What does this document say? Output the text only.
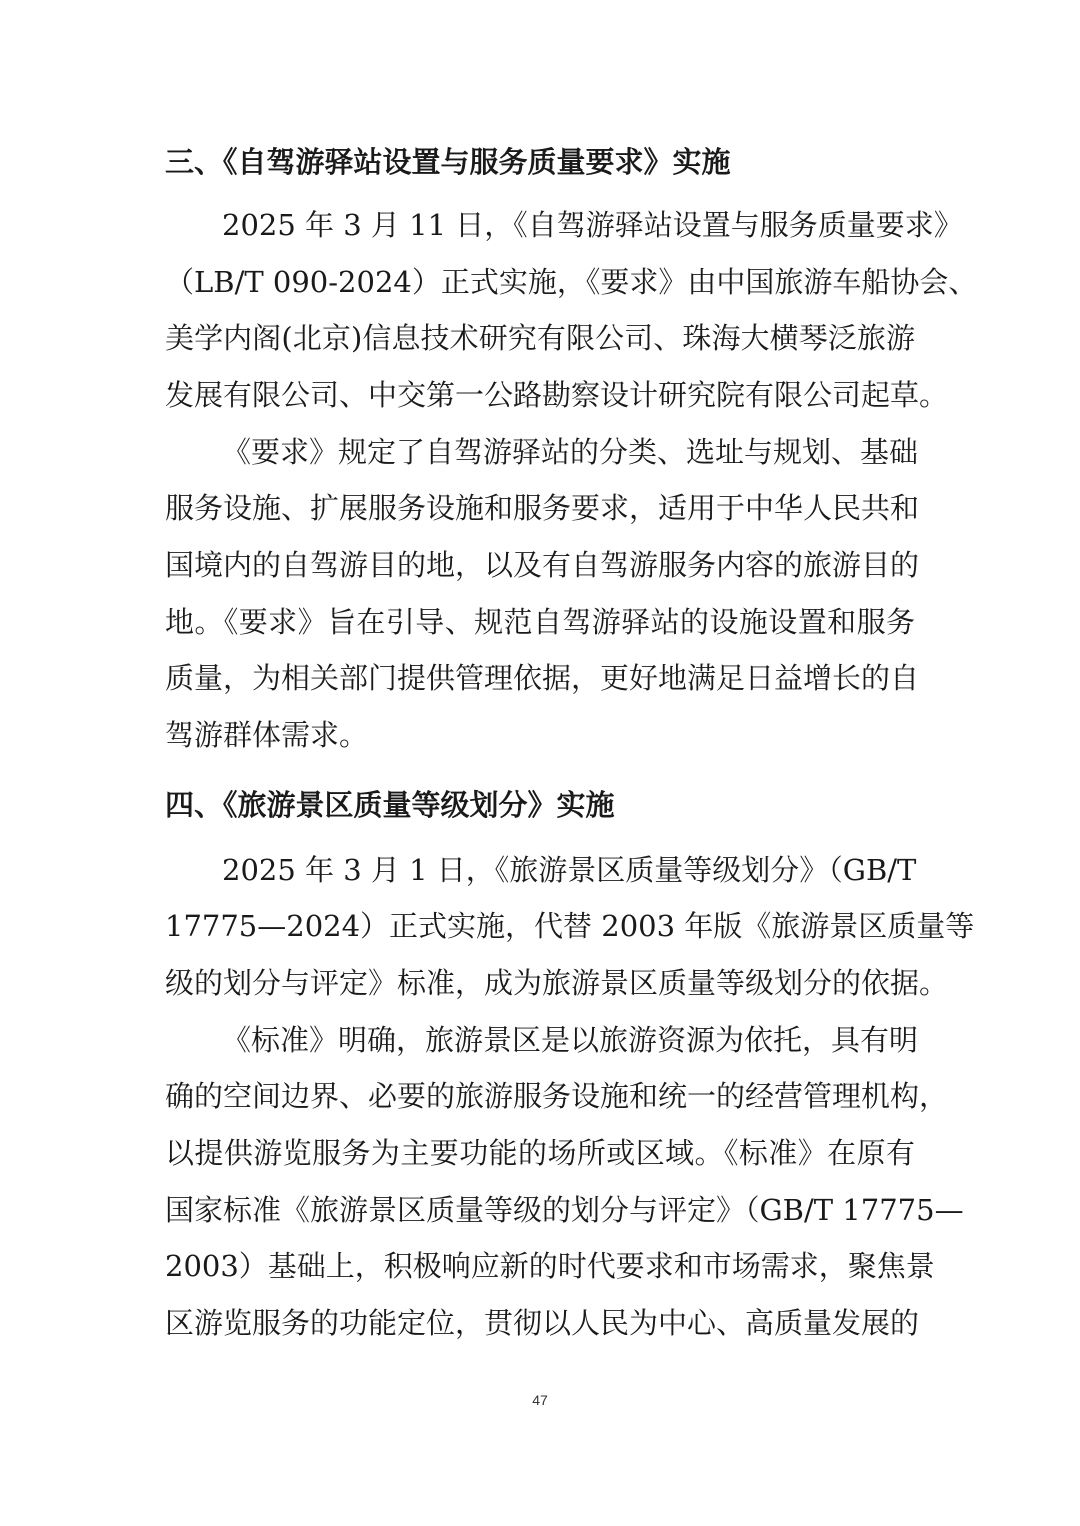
三、《自驾游驿站设置与服务质量要求》实施
2025 年 3 月 11 日，《自驾游驿站设置与服务质量要求》
（LB/T 090-2024）正式实施，《要求》由中国旅游车船协会、
美学内阁(北京)信息技术研究有限公司、珠海大横琴泛旅游
发展有限公司、中交第一公路勘察设计研究院有限公司起草。
《要求》规定了自驾游驿站的分类、选址与规划、基础
服务设施、扩展服务设施和服务要求，适用于中华人民共和
国境内的自驾游目的地，以及有自驾游服务内容的旅游目的
地。《要求》旨在引导、规范自驾游驿站的设施设置和服务
质量，为相关部门提供管理依据，更好地满足日益增长的自
驾游群体需求。
四、《旅游景区质量等级划分》实施
2025 年 3 月 1 日，《旅游景区质量等级划分》（GB/T
17775—2024）正式实施，代替 2003 年版《旅游景区质量等
级的划分与评定》标准，成为旅游景区质量等级划分的依据。
《标准》明确，旅游景区是以旅游资源为依托，具有明
确的空间边界、必要的旅游服务设施和统一的经营管理机构，
以提供游览服务为主要功能的场所或区域。《标准》在原有
国家标准《旅游景区质量等级的划分与评定》（GB/T 17775—
2003）基础上，积极响应新的时代要求和市场需求，聚焦景
区游览服务的功能定位，贯彻以人民为中心、高质量发展的
47
